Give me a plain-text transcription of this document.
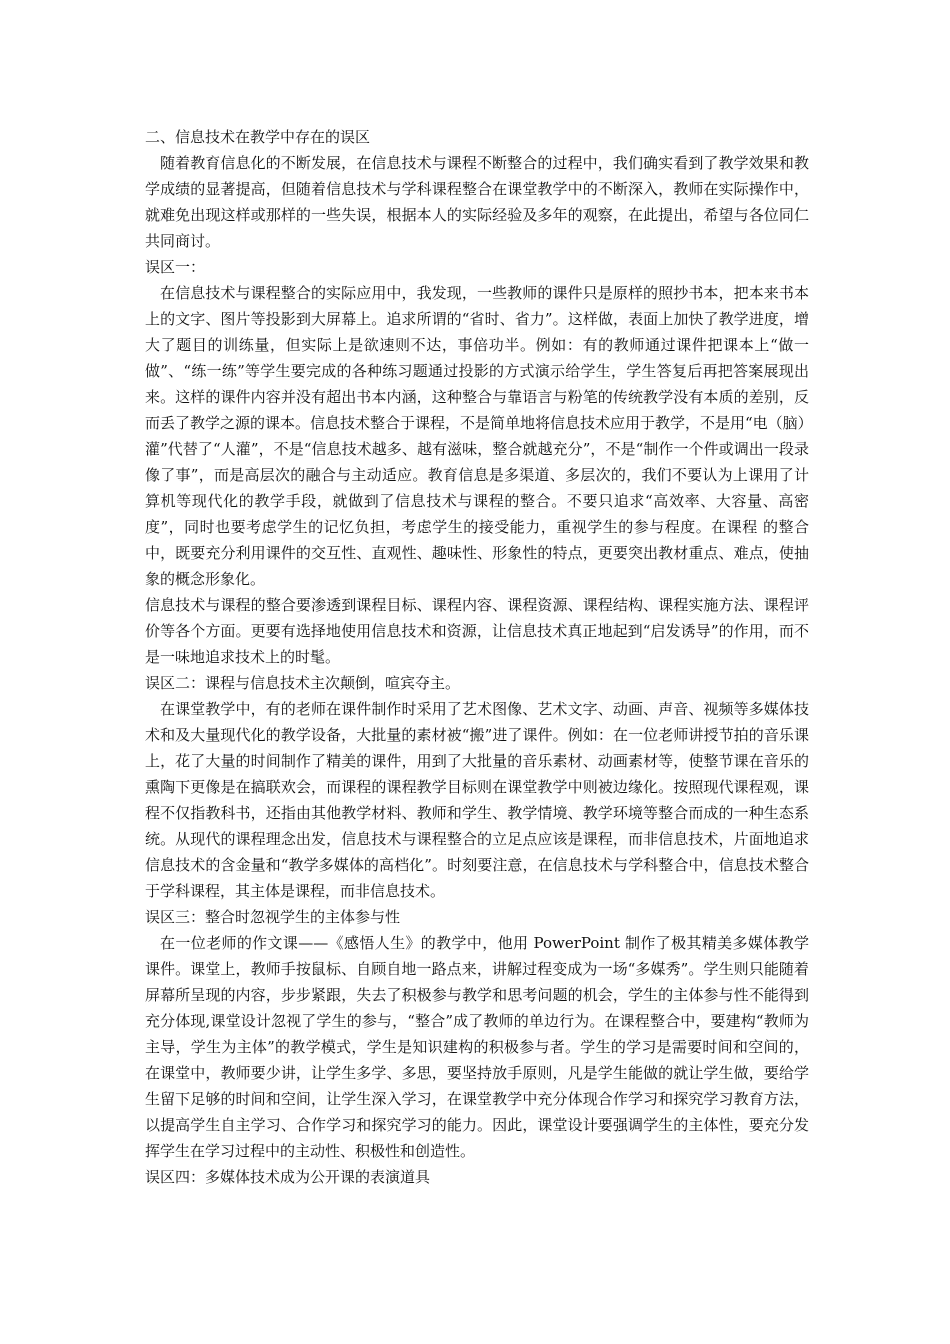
二、信息技术在教学中存在的误区

随着教育信息化的不断发展，在信息技术与课程不断整合的过程中，我们确实看到了教学效果和教学成绩的显著提高，但随着信息技术与学科课程整合在课堂教学中的不断深入，教师在实际操作中，就难免出现这样或那样的一些失误，根据本人的实际经验及多年的观察，在此提出，希望与各位同仁共同商讨。

误区一：

在信息技术与课程整合的实际应用中，我发现，一些教师的课件只是原样的照抄书本，把本来书本上的文字、图片等投影到大屏幕上。追求所谓的“省时、省力”。这样做，表面上加快了教学进度，增大了题目的训练量，但实际上是欲速则不达，事倍功半。例如：有的教师通过课件把课本上“做一做”、“练一练”等学生要完成的各种练习题通过投影的方式演示给学生，学生答复后再把答案展现出来。这样的课件内容并没有超出书本内涵，这种整合与靠语言与粉笔的传统教学没有本质的差别，反而丢了教学之源的课本。信息技术整合于课程，不是简单地将信息技术应用于教学，不是用“电（脑）

灌”代替了“人灌”，不是“信息技术越多、越有滋味，整合就越充分”，不是“制作一个件或调出一段录像了事”，而是高层次的融合与主动适应。教育信息是多渠道、多层次的，我们不要认为上课用了计算机等现代化的教学手段，就做到了信息技术与课程的整合。不要只追求“高效率、大容量、高密度”，同时也要考虑学生的记忆负担，考虑学生的接受能力，重视学生的参与程度。在课程 的整合中，既要充分利用课件的交互性、直观性、趣味性、形象性的特点，更要突出教材重点、难点，使抽象的概念形象化。

信息技术与课程的整合要渗透到课程目标、课程内容、课程资源、课程结构、课程实施方法、课程评价等各个方面。更要有选择地使用信息技术和资源，让信息技术真正地起到“启发诱导”的作用，而不是一味地追求技术上的时髦。

误区二：课程与信息技术主次颠倒，喧宾夺主。

在课堂教学中，有的老师在课件制作时采用了艺术图像、艺术文字、动画、声音、视频等多媒体技术和及大量现代化的教学设备，大批量的素材被“搬”进了课件。例如：在一位老师讲授节拍的音乐课上，花了大量的时间制作了精美的课件，用到了大批量的音乐素材、动画素材等，使整节课在音乐的熏陶下更像是在搞联欢会，而课程的课程教学目标则在课堂教学中则被边缘化。按照现代课程观，课程不仅指教科书，还指由其他教学材料、教师和学生、教学情境、教学环境等整合而成的一种生态系统。从现代的课程理念出发，信息技术与课程整合的立足点应该是课程，而非信息技术，片面地追求信息技术的含金量和“教学多媒体的高档化”。时刻要注意，在信息技术与学科整合中，信息技术整合于学科课程，其主体是课程，而非信息技术。

误区三：整合时忽视学生的主体参与性

在一位老师的作文课——《感悟人生》的教学中，他用 PowerPoint 制作了极其精美多媒体教学课件。课堂上，教师手按鼠标、自顾自地一路点来，讲解过程变成为一场“多媒秀”。学生则只能随着屏幕所呈现的内容，步步紧跟，失去了积极参与教学和思考问题的机会，学生的主体参与性不能得到充分体现,课堂设计忽视了学生的参与，“整合”成了教师的单边行为。在课程整合中，要建构“教师为主导，学生为主体”的教学模式，学生是知识建构的积极参与者。学生的学习是需要时间和空间的，在课堂中，教师要少讲，让学生多学、多思，要坚持放手原则，凡是学生能做的就让学生做，要给学生留下足够的时间和空间，让学生深入学习，在课堂教学中充分体现合作学习和探究学习教育方法，以提高学生自主学习、合作学习和探究学习的能力。因此，课堂设计要强调学生的主体性，要充分发挥学生在学习过程中的主动性、积极性和创造性。

误区四：多媒体技术成为公开课的表演道具
